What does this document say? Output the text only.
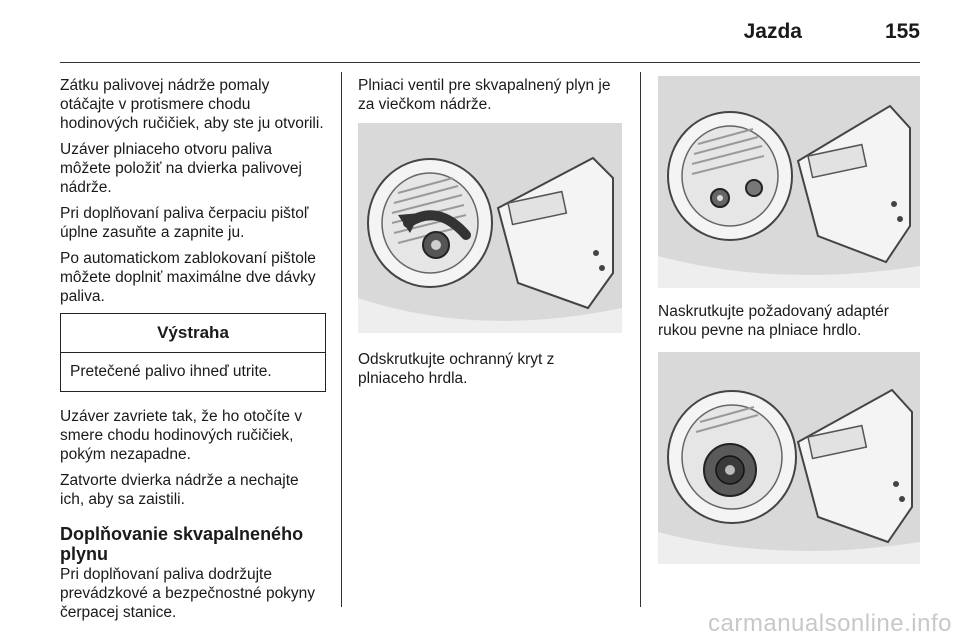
Jazda	155

Zátku palivovej nádrže pomaly otáčajte v protismere chodu hodinových ručičiek, aby ste ju otvorili.

Uzáver plniaceho otvoru paliva môžete položiť na dvierka palivovej nádrže.

Pri doplňovaní paliva čerpaciu pištoľ úplne zasuňte a zapnite ju.

Po automatickom zablokovaní pištole môžete doplniť maximálne dve dávky paliva.

Výstraha
Pretečené palivo ihneď utrite.

Uzáver zavriete tak, že ho otočíte v smere chodu hodinových ručičiek, pokým nezapadne.

Zatvorte dvierka nádrže a nechajte ich, aby sa zaistili.

Doplňovanie skvapalneného plynu

Pri doplňovaní paliva dodržujte prevádzkové a bezpečnostné pokyny čerpacej stanice.

Plniaci ventil pre skvapalnený plyn je za viečkom nádrže.

Odskrutkujte ochranný kryt z plniaceho hrdla.

Naskrutkujte požadovaný adaptér rukou pevne na plniace hrdlo.

carmanualsonline.info
